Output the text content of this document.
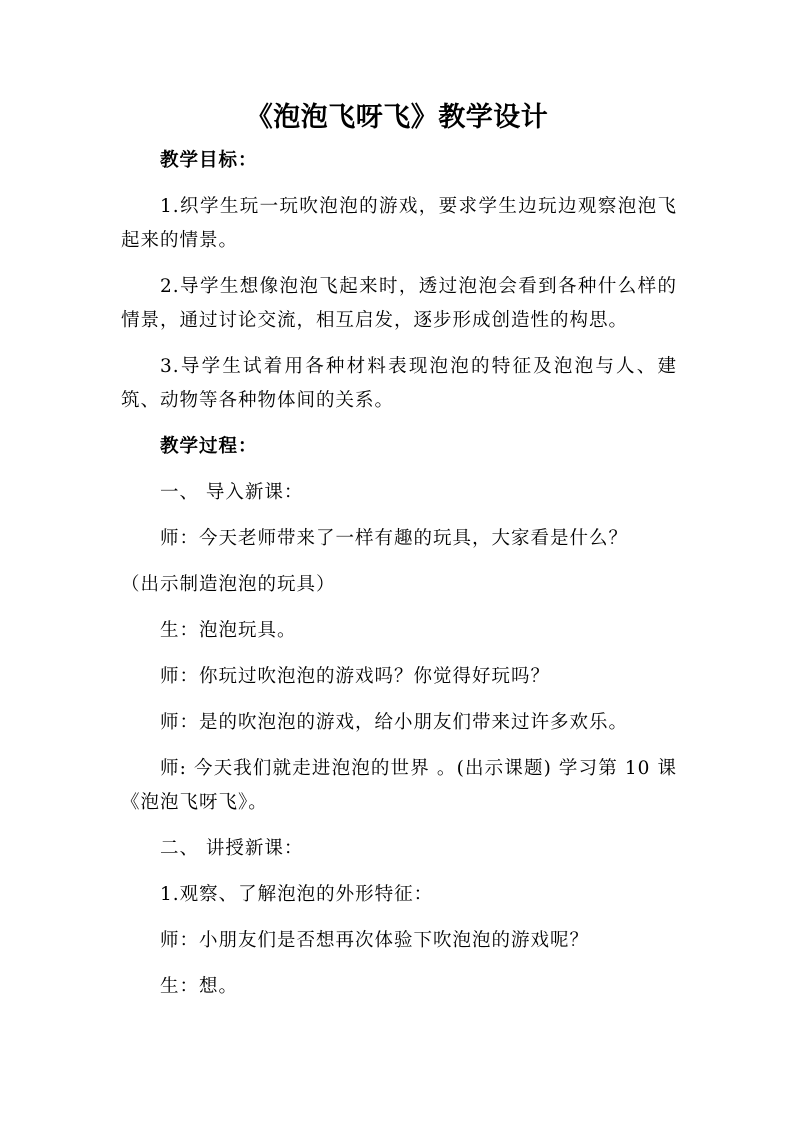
《泡泡飞呀飞》教学设计

教学目标：

1.织学生玩一玩吹泡泡的游戏，要求学生边玩边观察泡泡飞起来的情景。

2.导学生想像泡泡飞起来时，透过泡泡会看到各种什么样的情景，通过讨论交流，相互启发，逐步形成创造性的构思。

3.导学生试着用各种材料表现泡泡的特征及泡泡与人、建筑、动物等各种物体间的关系。

教学过程：

一、 导入新课：

师：今天老师带来了一样有趣的玩具，大家看是什么？

（出示制造泡泡的玩具）

生：泡泡玩具。

师：你玩过吹泡泡的游戏吗？你觉得好玩吗？

师：是的吹泡泡的游戏，给小朋友们带来过许多欢乐。

师: 今天我们就走进泡泡的世界 。(出示课题) 学习第 10 课《泡泡飞呀飞》。

二、 讲授新课：

1.观察、了解泡泡的外形特征：

师：小朋友们是否想再次体验下吹泡泡的游戏呢？

生：想。
